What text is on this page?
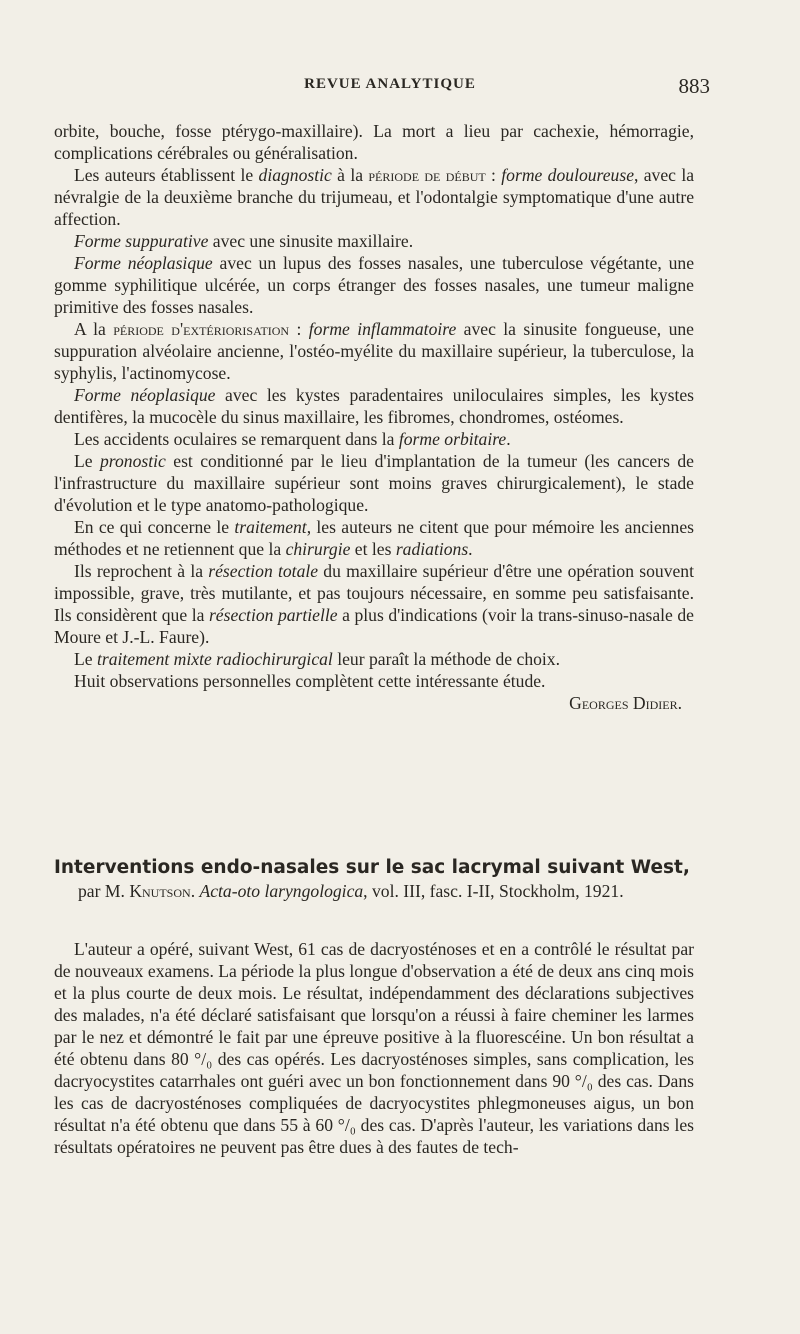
REVUE ANALYTIQUE	883

orbite, bouche, fosse ptérygo-maxillaire). La mort a lieu par cachexie, hémorragie, complications cérébrales ou généralisation.

Les auteurs établissent le diagnostic à la période de début : forme douloureuse, avec la névralgie de la deuxième branche du trijumeau, et l'odontalgie symptomatique d'une autre affection.

Forme suppurative avec une sinusite maxillaire.

Forme néoplasique avec un lupus des fosses nasales, une tuberculose végétante, une gomme syphilitique ulcérée, un corps étranger des fosses nasales, une tumeur maligne primitive des fosses nasales.

A la période d'extériorisation : forme inflammatoire avec la sinusite fongueuse, une suppuration alvéolaire ancienne, l'ostéo-myélite du maxillaire supérieur, la tuberculose, la syphylis, l'actinomycose.

Forme néoplasique avec les kystes paradentaires uniloculaires simples, les kystes dentifères, la mucocèle du sinus maxillaire, les fibromes, chondromes, ostéomes.

Les accidents oculaires se remarquent dans la forme orbitaire.

Le pronostic est conditionné par le lieu d'implantation de la tumeur (les cancers de l'infrastructure du maxillaire supérieur sont moins graves chirurgicalement), le stade d'évolution et le type anatomo-pathologique.

En ce qui concerne le traitement, les auteurs ne citent que pour mémoire les anciennes méthodes et ne retiennent que la chirurgie et les radiations.

Ils reprochent à la résection totale du maxillaire supérieur d'être une opération souvent impossible, grave, très mutilante, et pas toujours nécessaire, en somme peu satisfaisante. Ils considèrent que la résection partielle a plus d'indications (voir la trans-sinuso-nasale de Moure et J.-L. Faure).

Le traitement mixte radiochirurgical leur paraît la méthode de choix.

Huit observations personnelles complètent cette intéressante étude.

Georges Didier.
Interventions endo-nasales sur le sac lacrymal suivant West,

par M. Knutson. Acta-oto laryngologica, vol. III, fasc. I-II, Stockholm, 1921.

L'auteur a opéré, suivant West, 61 cas de dacryosténoses et en a contrôlé le résultat par de nouveaux examens. La période la plus longue d'observation a été de deux ans cinq mois et la plus courte de deux mois. Le résultat, indépendamment des déclarations subjectives des malades, n'a été déclaré satisfaisant que lorsqu'on a réussi à faire cheminer les larmes par le nez et démontré le fait par une épreuve positive à la fluorescéine. Un bon résultat a été obtenu dans 80 °/₀ des cas opérés. Les dacryosténoses simples, sans complication, les dacryocystites catarrhales ont guéri avec un bon fonctionnement dans 90 °/₀ des cas. Dans les cas de dacryosténoses compliquées de dacryocystites phlegmoneuses aigus, un bon résultat n'a été obtenu que dans 55 à 60 °/₀ des cas. D'après l'auteur, les variations dans les résultats opératoires ne peuvent pas être dues à des fautes de tech-
